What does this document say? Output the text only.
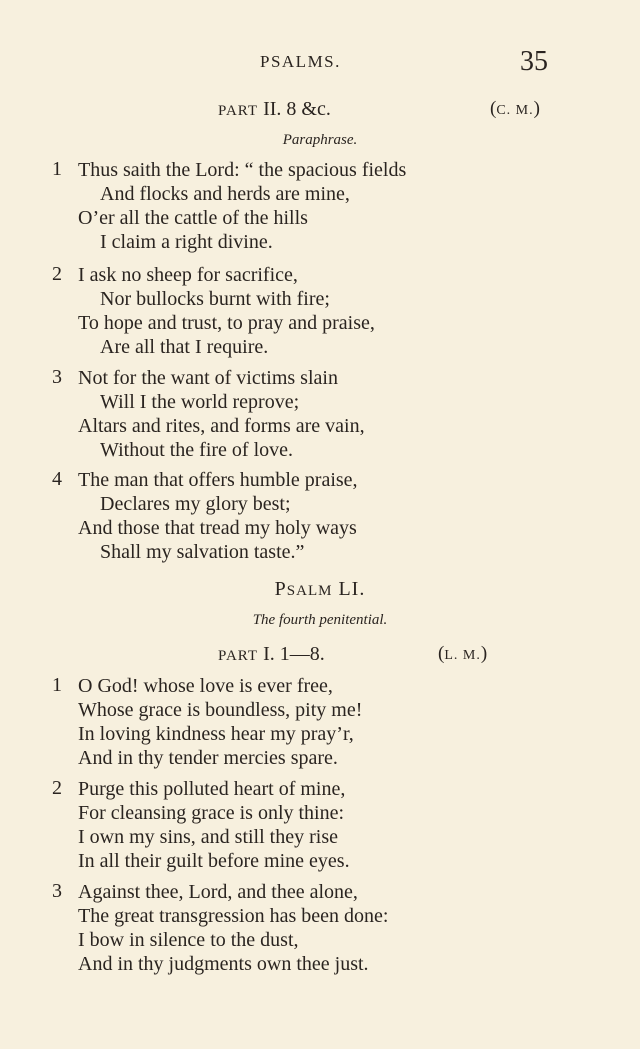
PSALMS.	35
PART II. 8 &c.	(C. M.)
Paraphrase.
1 Thus saith the Lord: “ the spacious fields
And flocks and herds are mine,
O’er all the cattle of the hills
I claim a right divine.
2 I ask no sheep for sacrifice,
Nor bullocks burnt with fire;
To hope and trust, to pray and praise,
Are all that I require.
3 Not for the want of victims slain
Will I the world reprove;
Altars and rites, and forms are vain,
Without the fire of love.
4 The man that offers humble praise,
Declares my glory best;
And those that tread my holy ways
Shall my salvation taste.”
PSALM LI.
The fourth penitential.
PART I. 1—8.	(L. M.)
1 O God! whose love is ever free,
Whose grace is boundless, pity me!
In loving kindness hear my pray’r,
And in thy tender mercies spare.
2 Purge this polluted heart of mine,
For cleansing grace is only thine:
I own my sins, and still they rise
In all their guilt before mine eyes.
3 Against thee, Lord, and thee alone,
The great transgression has been done:
I bow in silence to the dust,
And in thy judgments own thee just.
